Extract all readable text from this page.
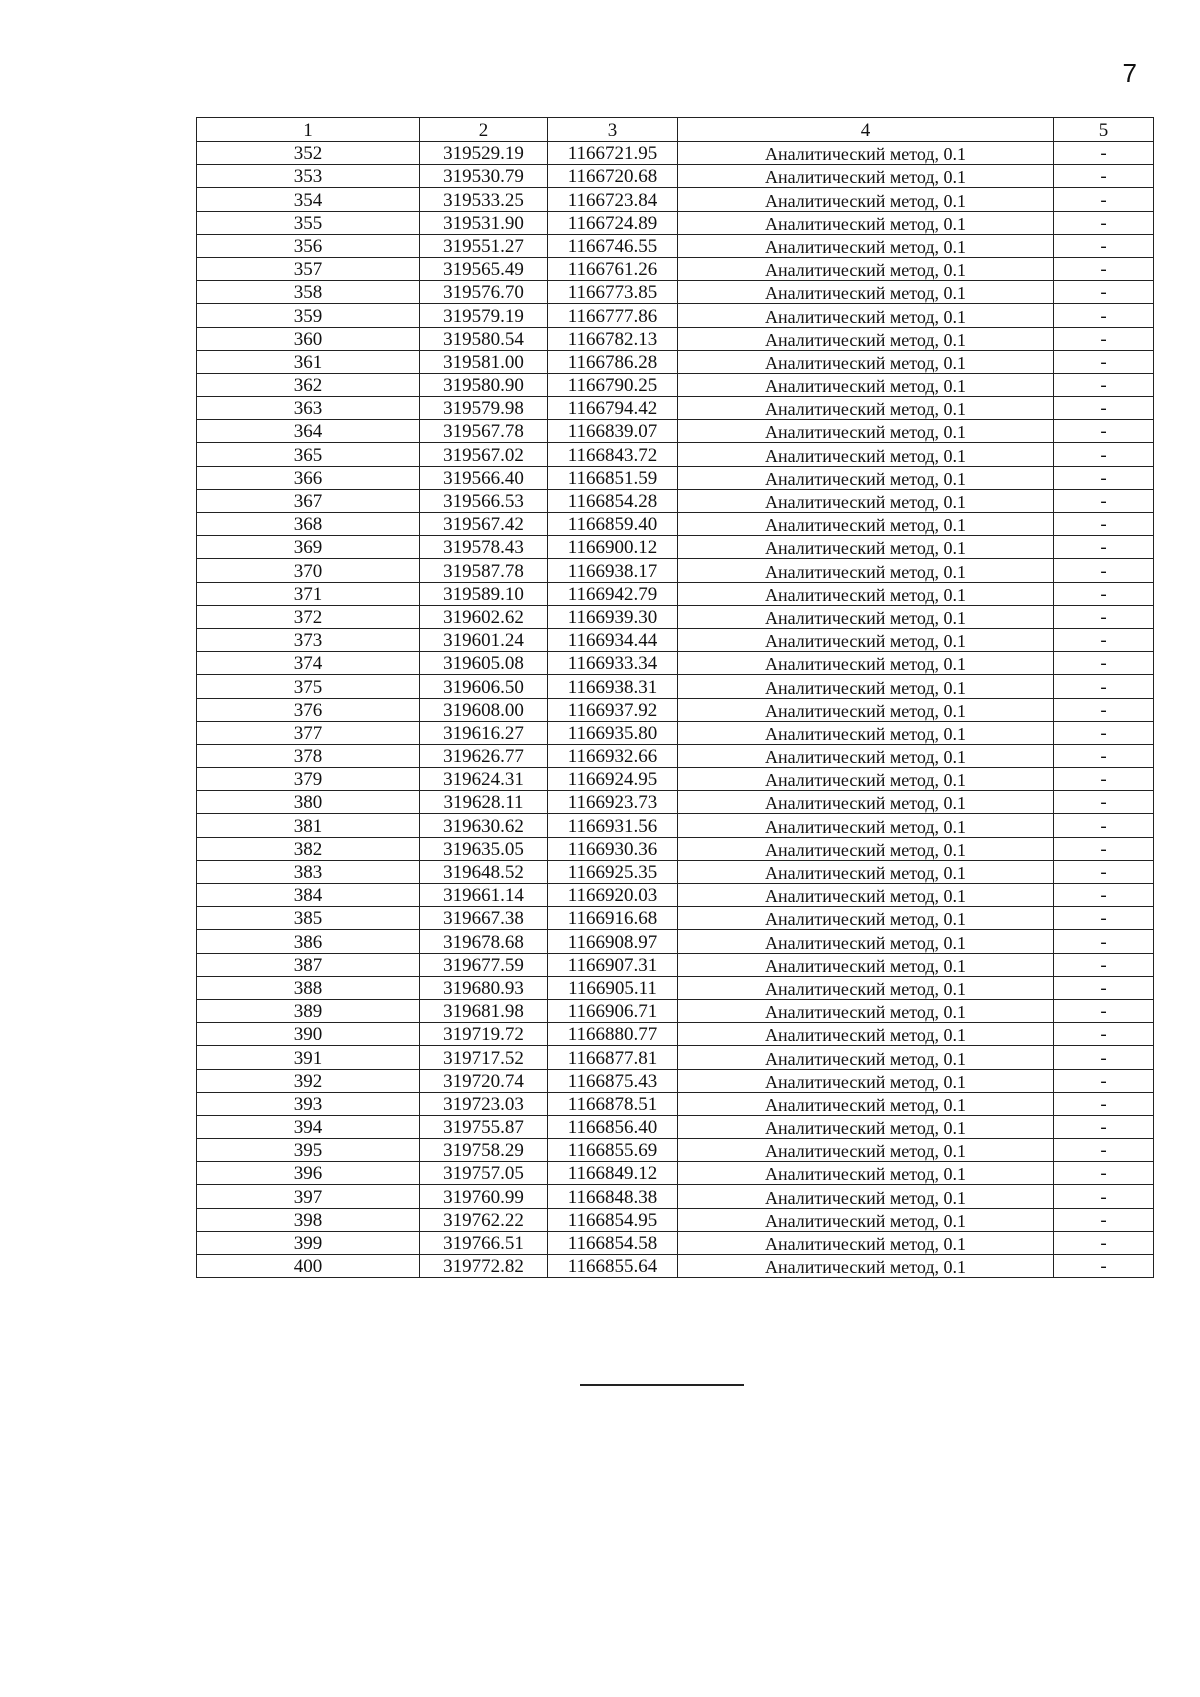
7
1	2	3	4	5
352	319529.19	1166721.95	Аналитический метод, 0.1	-
353	319530.79	1166720.68	Аналитический метод, 0.1	-
354	319533.25	1166723.84	Аналитический метод, 0.1	-
355	319531.90	1166724.89	Аналитический метод, 0.1	-
356	319551.27	1166746.55	Аналитический метод, 0.1	-
357	319565.49	1166761.26	Аналитический метод, 0.1	-
358	319576.70	1166773.85	Аналитический метод, 0.1	-
359	319579.19	1166777.86	Аналитический метод, 0.1	-
360	319580.54	1166782.13	Аналитический метод, 0.1	-
361	319581.00	1166786.28	Аналитический метод, 0.1	-
362	319580.90	1166790.25	Аналитический метод, 0.1	-
363	319579.98	1166794.42	Аналитический метод, 0.1	-
364	319567.78	1166839.07	Аналитический метод, 0.1	-
365	319567.02	1166843.72	Аналитический метод, 0.1	-
366	319566.40	1166851.59	Аналитический метод, 0.1	-
367	319566.53	1166854.28	Аналитический метод, 0.1	-
368	319567.42	1166859.40	Аналитический метод, 0.1	-
369	319578.43	1166900.12	Аналитический метод, 0.1	-
370	319587.78	1166938.17	Аналитический метод, 0.1	-
371	319589.10	1166942.79	Аналитический метод, 0.1	-
372	319602.62	1166939.30	Аналитический метод, 0.1	-
373	319601.24	1166934.44	Аналитический метод, 0.1	-
374	319605.08	1166933.34	Аналитический метод, 0.1	-
375	319606.50	1166938.31	Аналитический метод, 0.1	-
376	319608.00	1166937.92	Аналитический метод, 0.1	-
377	319616.27	1166935.80	Аналитический метод, 0.1	-
378	319626.77	1166932.66	Аналитический метод, 0.1	-
379	319624.31	1166924.95	Аналитический метод, 0.1	-
380	319628.11	1166923.73	Аналитический метод, 0.1	-
381	319630.62	1166931.56	Аналитический метод, 0.1	-
382	319635.05	1166930.36	Аналитический метод, 0.1	-
383	319648.52	1166925.35	Аналитический метод, 0.1	-
384	319661.14	1166920.03	Аналитический метод, 0.1	-
385	319667.38	1166916.68	Аналитический метод, 0.1	-
386	319678.68	1166908.97	Аналитический метод, 0.1	-
387	319677.59	1166907.31	Аналитический метод, 0.1	-
388	319680.93	1166905.11	Аналитический метод, 0.1	-
389	319681.98	1166906.71	Аналитический метод, 0.1	-
390	319719.72	1166880.77	Аналитический метод, 0.1	-
391	319717.52	1166877.81	Аналитический метод, 0.1	-
392	319720.74	1166875.43	Аналитический метод, 0.1	-
393	319723.03	1166878.51	Аналитический метод, 0.1	-
394	319755.87	1166856.40	Аналитический метод, 0.1	-
395	319758.29	1166855.69	Аналитический метод, 0.1	-
396	319757.05	1166849.12	Аналитический метод, 0.1	-
397	319760.99	1166848.38	Аналитический метод, 0.1	-
398	319762.22	1166854.95	Аналитический метод, 0.1	-
399	319766.51	1166854.58	Аналитический метод, 0.1	-
400	319772.82	1166855.64	Аналитический метод, 0.1	-
